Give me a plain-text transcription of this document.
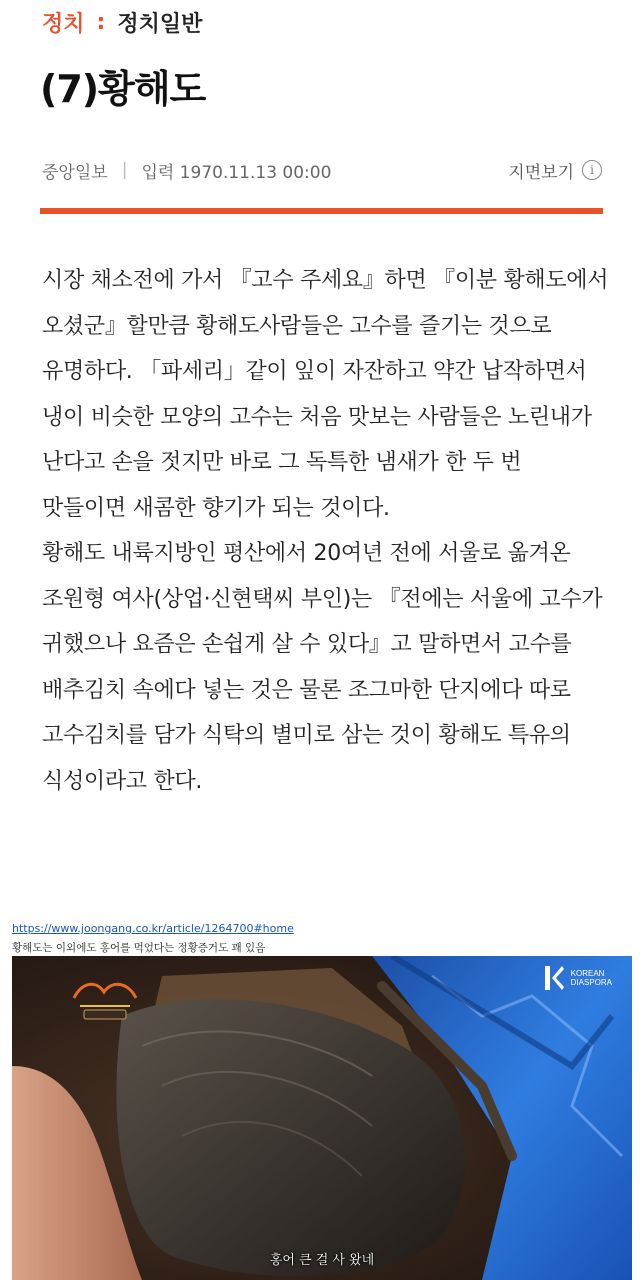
정치 : 정치일반
(7)황해도
중앙일보 | 입력 1970.11.13 00:00	지면보기	i

시장 채소전에 가서 『고수 주세요』하면 『이분 황해도에서

오셨군』할만큼 황해도사람들은 고수를 즐기는 것으로

유명하다. 「파세리」같이 잎이 자잔하고 약간 납작하면서

냉이 비슷한 모양의 고수는 처음 맛보는 사람들은 노린내가

난다고 손을 젓지만 바로 그 독특한 냄새가 한 두 번

맛들이면 새콤한 향기가 되는 것이다.

황해도 내륙지방인 평산에서 20여년 전에 서울로 옮겨온

조원형 여사(상업·신현택씨 부인)는 『전에는 서울에 고수가

귀했으나 요즘은 손쉽게 살 수 있다』고 말하면서 고수를

배추김치 속에다 넣는 것은 물론 조그마한 단지에다 따로

고수김치를 담가 식탁의 별미로 삼는 것이 황해도 특유의

식성이라고 한다.

https://www.joongang.co.kr/article/1264700#home
황해도는 이외에도 홍어를 먹었다는 정황증거도 꽤 있음
KOREAN
DIASPORA
홍어 큰 걸 사 왔네
